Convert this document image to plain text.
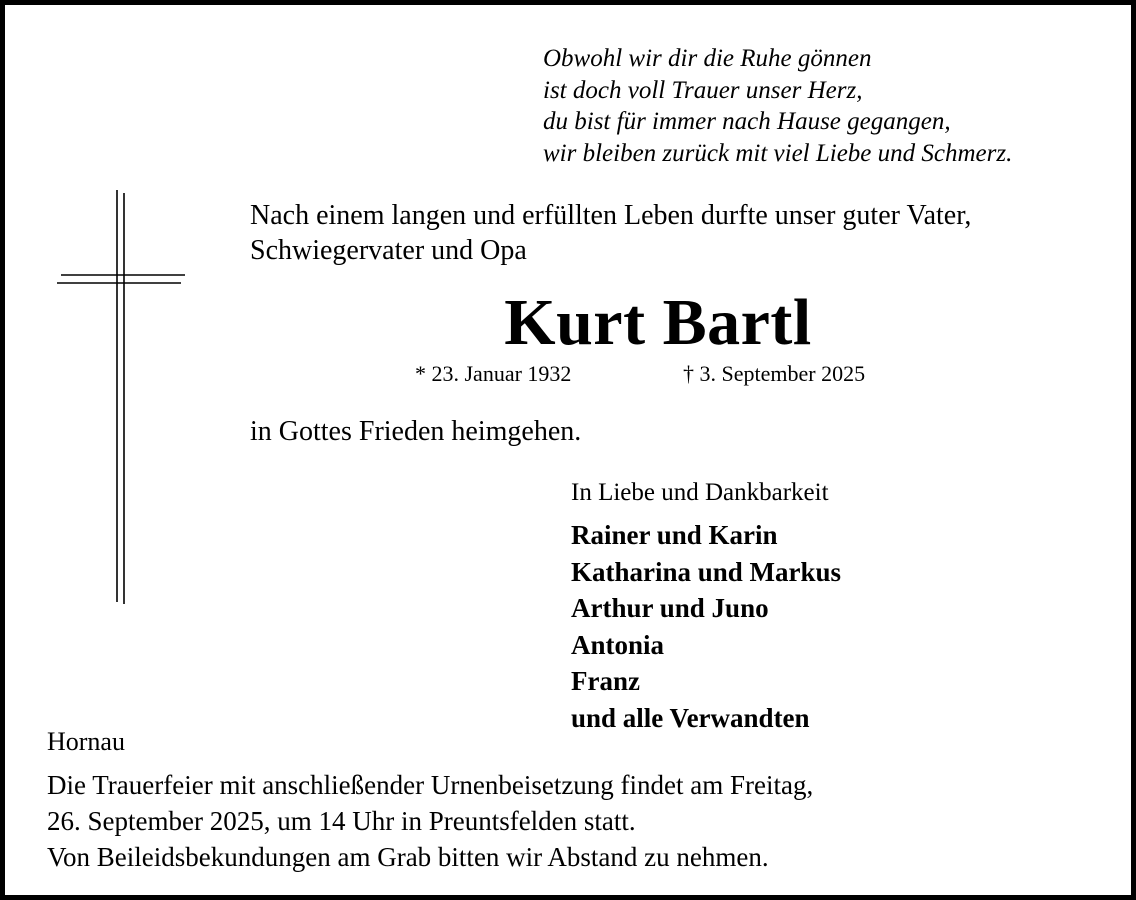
Obwohl wir dir die Ruhe gönnen
ist doch voll Trauer unser Herz,
du bist für immer nach Hause gegangen,
wir bleiben zurück mit viel Liebe und Schmerz.
Nach einem langen und erfüllten Leben durfte unser guter Vater,
Schwiegervater und Opa
Kurt Bartl
* 23. Januar 1932	† 3. September 2025
in Gottes Frieden heimgehen.
In Liebe und Dankbarkeit
Rainer und Karin
Katharina und Markus
Arthur und Juno
Antonia
Franz
und alle Verwandten
Hornau
Die Trauerfeier mit anschließender Urnenbeisetzung findet am Freitag,
26. September 2025, um 14 Uhr in Preuntsfelden statt.
Von Beileidsbekundungen am Grab bitten wir Abstand zu nehmen.
